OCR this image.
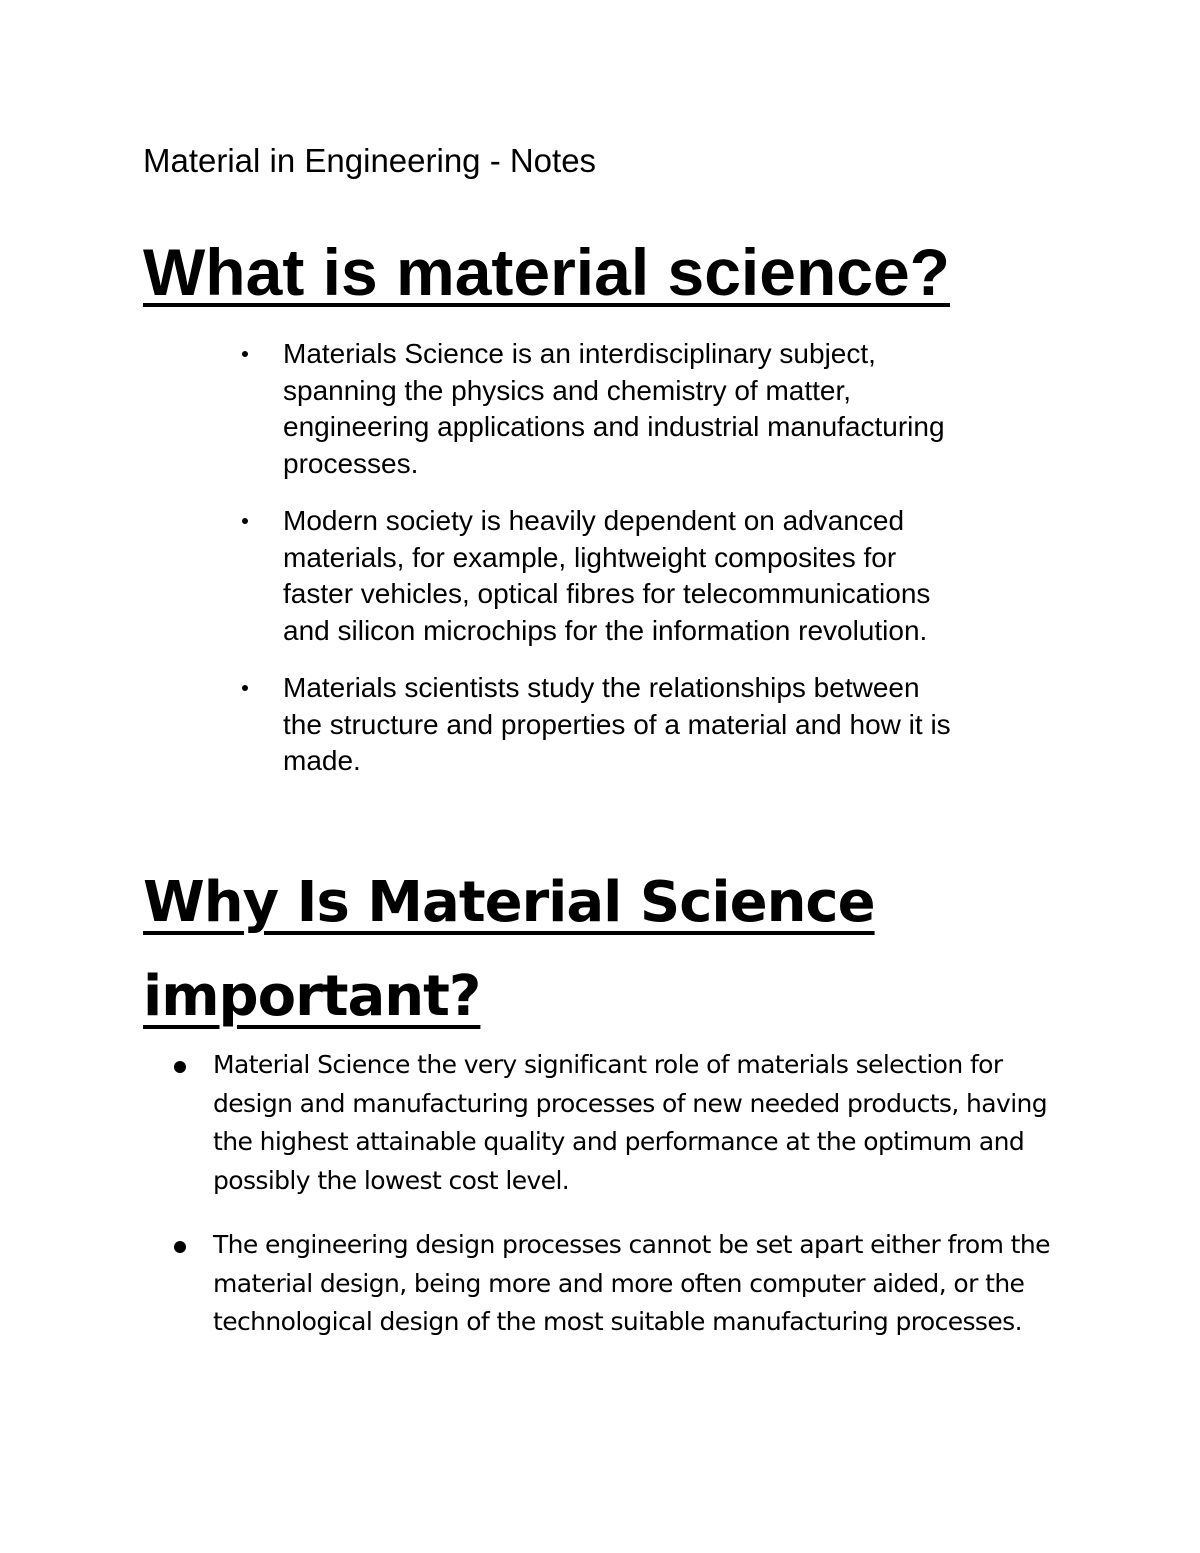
Material in Engineering - Notes

What is material science?
Materials Science is an interdisciplinary subject, spanning the physics and chemistry of matter, engineering applications and industrial manufacturing processes.
Modern society is heavily dependent on advanced materials, for example, lightweight composites for faster vehicles, optical fibres for telecommunications and silicon microchips for the information revolution.
Materials scientists study the relationships between the structure and properties of a material and how it is made.
Why Is Material Science important?
Material Science the very significant role of materials selection for design and manufacturing processes of new needed products, having the highest attainable quality and performance at the optimum and possibly the lowest cost level.
The engineering design processes cannot be set apart either from the material design, being more and more often computer aided, or the technological design of the most suitable manufacturing processes.
